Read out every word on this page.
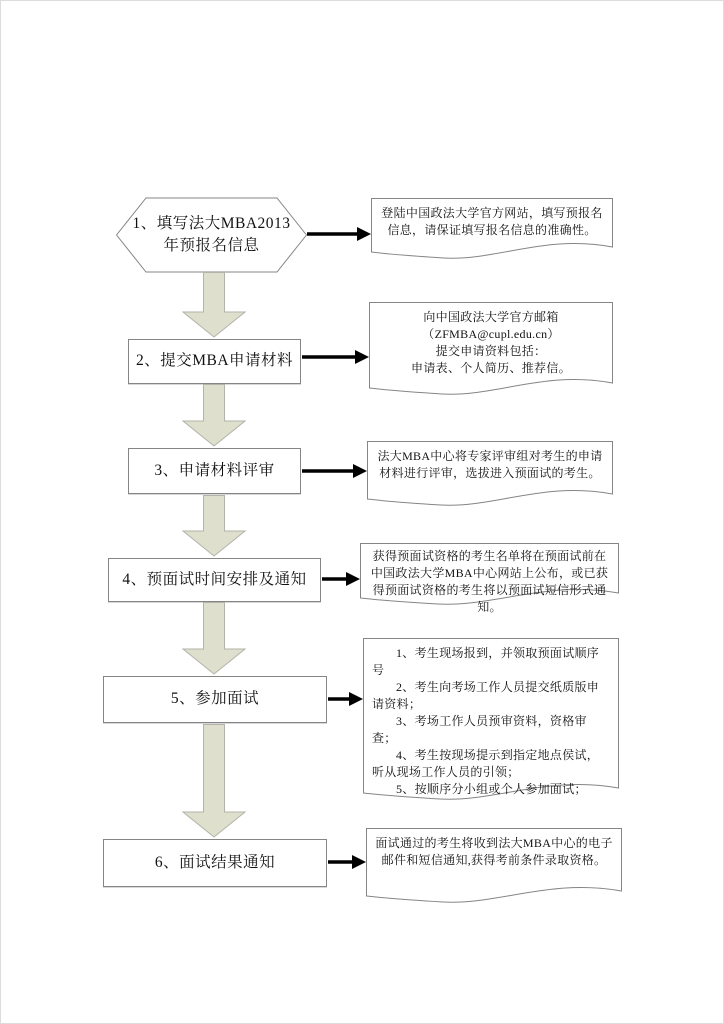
1、填写法大MBA2013年预报名信息
2、提交MBA申请材料
3、申请材料评审
4、预面试时间安排及通知
5、参加面试
6、面试结果通知
登陆中国政法大学官方网站，填写预报名信息，请保证填写报名信息的准确性。
向中国政法大学官方邮箱
（ZFMBA@cupl.edu.cn）
提交申请资料包括：
申请表、个人简历、推荐信。
法大MBA中心将专家评审组对考生的申请材料进行评审，选拔进入预面试的考生。
获得预面试资格的考生名单将在预面试前在中国政法大学MBA中心网站上公布，或已获得预面试资格的考生将以预面试短信形式通知。

1、考生现场报到，并领取预面试顺序号

2、考生向考场工作人员提交纸质版申请资料；

3、考场工作人员预审资料，资格审查；

4、考生按现场提示到指定地点侯试，听从现场工作人员的引领；

5、按顺序分小组或个人参加面试；

面试通过的考生将收到法大MBA中心的电子邮件和短信通知,获得考前条件录取资格。
